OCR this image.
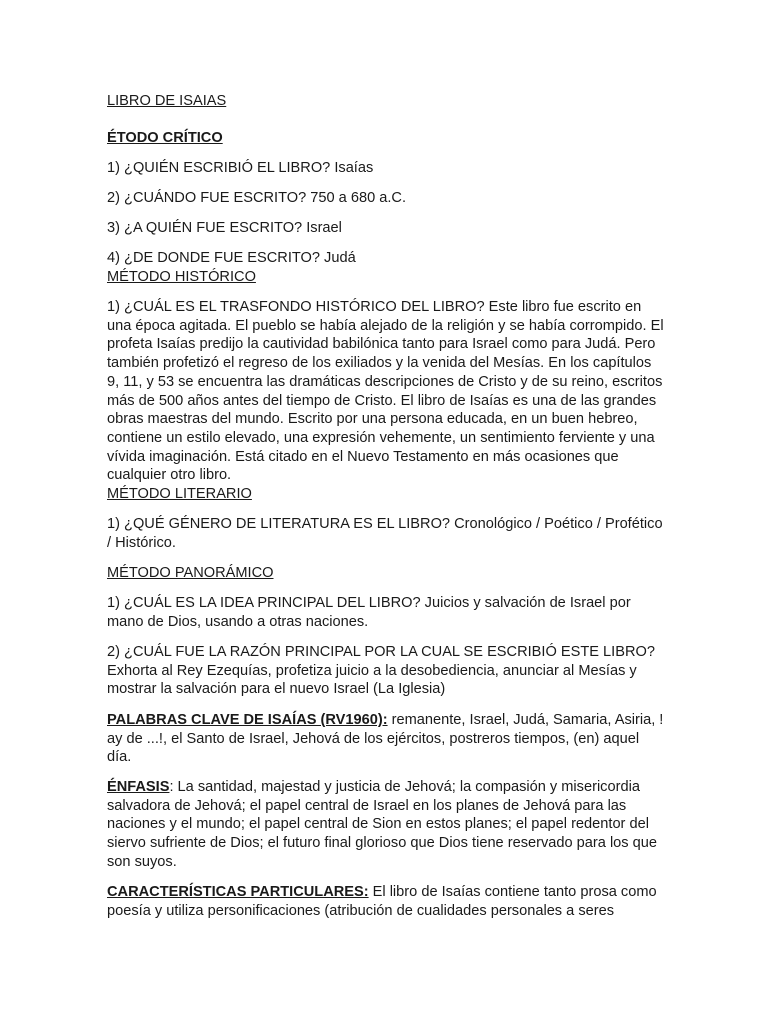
LIBRO DE ISAIAS

ÉTODO CRÍTICO

1) ¿QUIÉN ESCRIBIÓ EL LIBRO? Isaías

2) ¿CUÁNDO FUE ESCRITO? 750 a 680 a.C.

3) ¿A QUIÉN FUE ESCRITO? Israel

4) ¿DE DONDE FUE ESCRITO? Judá

MÉTODO HISTÓRICO

1) ¿CUÁL ES EL TRASFONDO HISTÓRICO DEL LIBRO? Este libro fue escrito en una época agitada. El pueblo se había alejado de la religión y se había corrompido. El profeta Isaías predijo la cautividad babilónica tanto para Israel como para Judá. Pero también profetizó el regreso de los exiliados y la venida del Mesías. En los capítulos 9, 11, y 53 se encuentra las dramáticas descripciones de Cristo y de su reino, escritos más de 500 años antes del tiempo de Cristo. El libro de Isaías es una de las grandes obras maestras del mundo. Escrito por una persona educada, en un buen hebreo, contiene un estilo elevado, una expresión vehemente, un sentimiento ferviente y una vívida imaginación. Está citado en el Nuevo Testamento en más ocasiones que cualquier otro libro.

MÉTODO LITERARIO

1) ¿QUÉ GÉNERO DE LITERATURA ES EL LIBRO? Cronológico / Poético / Profético / Histórico.

MÉTODO PANORÁMICO

1) ¿CUÁL ES LA IDEA PRINCIPAL DEL LIBRO? Juicios y salvación de Israel por mano de Dios, usando a otras naciones.

2) ¿CUÁL FUE LA RAZÓN PRINCIPAL POR LA CUAL SE ESCRIBIÓ ESTE LIBRO? Exhorta al Rey Ezequías, profetiza juicio a la desobediencia, anunciar al Mesías y mostrar la salvación para el nuevo Israel (La Iglesia)

PALABRAS CLAVE DE ISAÍAS (RV1960): remanente, Israel, Judá, Samaria, Asiria, ! ay de ...!, el Santo de Israel, Jehová de los ejércitos, postreros tiempos, (en) aquel día.

ÉNFASIS: La santidad, majestad y justicia de Jehová; la compasión y misericordia salvadora de Jehová; el papel central de Israel en los planes de Jehová para las naciones y el mundo; el papel central de Sion en estos planes; el papel redentor del siervo sufriente de Dios; el futuro final glorioso que Dios tiene reservado para los que son suyos.

CARACTERÍSTICAS PARTICULARES: El libro de Isaías contiene tanto prosa como poesía y utiliza personificaciones (atribución de cualidades personales a seres
